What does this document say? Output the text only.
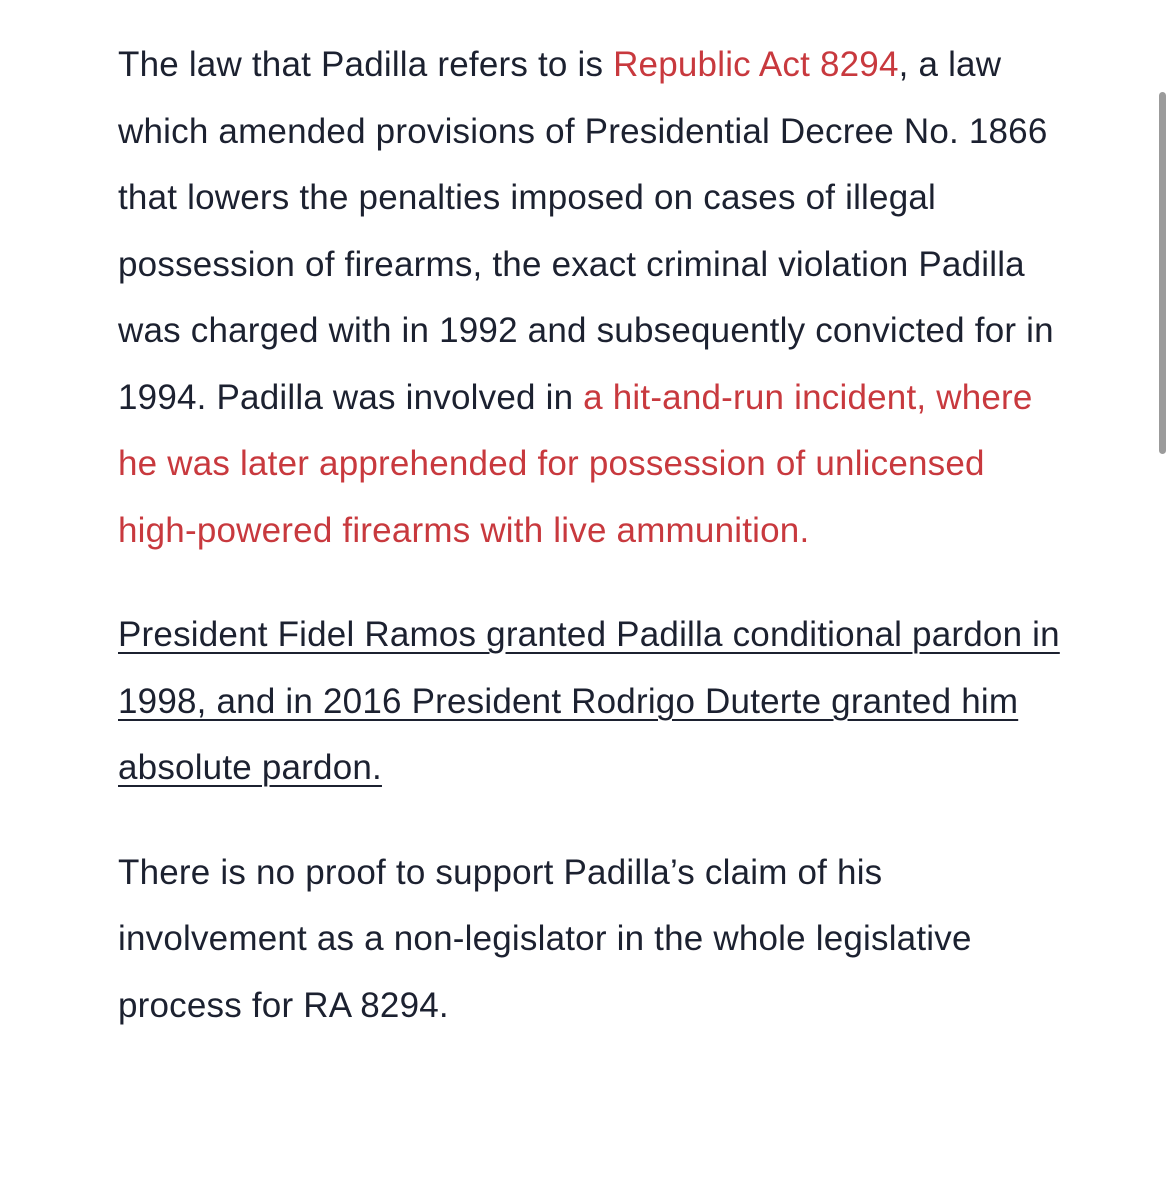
The law that Padilla refers to is Republic Act 8294, a law which amended provisions of Presidential Decree No. 1866 that lowers the penalties imposed on cases of illegal possession of firearms, the exact criminal violation Padilla was charged with in 1992 and subsequently convicted for in 1994. Padilla was involved in a hit-and-run incident, where he was later apprehended for possession of unlicensed high-powered firearms with live ammunition.

President Fidel Ramos granted Padilla conditional pardon in 1998, and in 2016 President Rodrigo Duterte granted him absolute pardon.

There is no proof to support Padilla’s claim of his involvement as a non-legislator in the whole legislative process for RA 8294.
